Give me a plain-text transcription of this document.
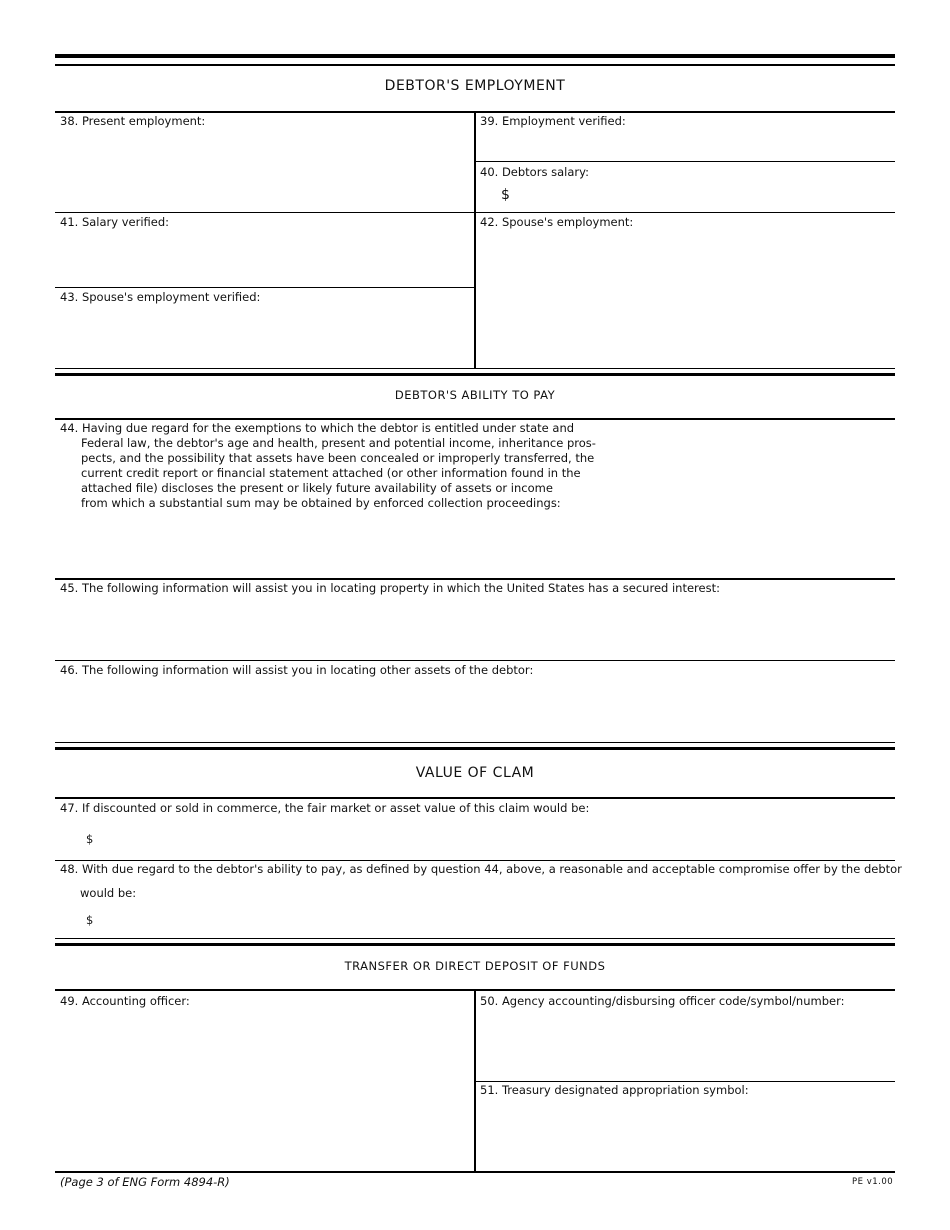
DEBTOR'S EMPLOYMENT
38. Present employment:	39. Employment verified:
40. Debtors salary:
$
41. Salary verified:	42. Spouse's employment:
43. Spouse's employment verified:
DEBTOR'S ABILITY TO PAY
44. Having due regard for the exemptions to which the debtor is entitled under state and
Federal law, the debtor's age and health, present and potential income, inheritance pros-
pects, and the possibility that assets have been concealed or improperly transferred, the
current credit report or financial statement attached (or other information found in the
attached file) discloses the present or likely future availability of assets or income
from which a substantial sum may be obtained by enforced collection proceedings:
45. The following information will assist you in locating property in which the United States has a secured interest:
46. The following information will assist you in locating other assets of the debtor:
VALUE OF CLAM
47. If discounted or sold in commerce, the fair market or asset value of this claim would be:
$
48. With due regard to the debtor's ability to pay, as defined by question 44, above, a reasonable and acceptable compromise offer by the debtor
would be:
$
TRANSFER OR DIRECT DEPOSIT OF FUNDS
49. Accounting officer:	50. Agency accounting/disbursing officer code/symbol/number:
51. Treasury designated appropriation symbol:
(Page 3 of ENG Form 4894-R)	PE v1.00
